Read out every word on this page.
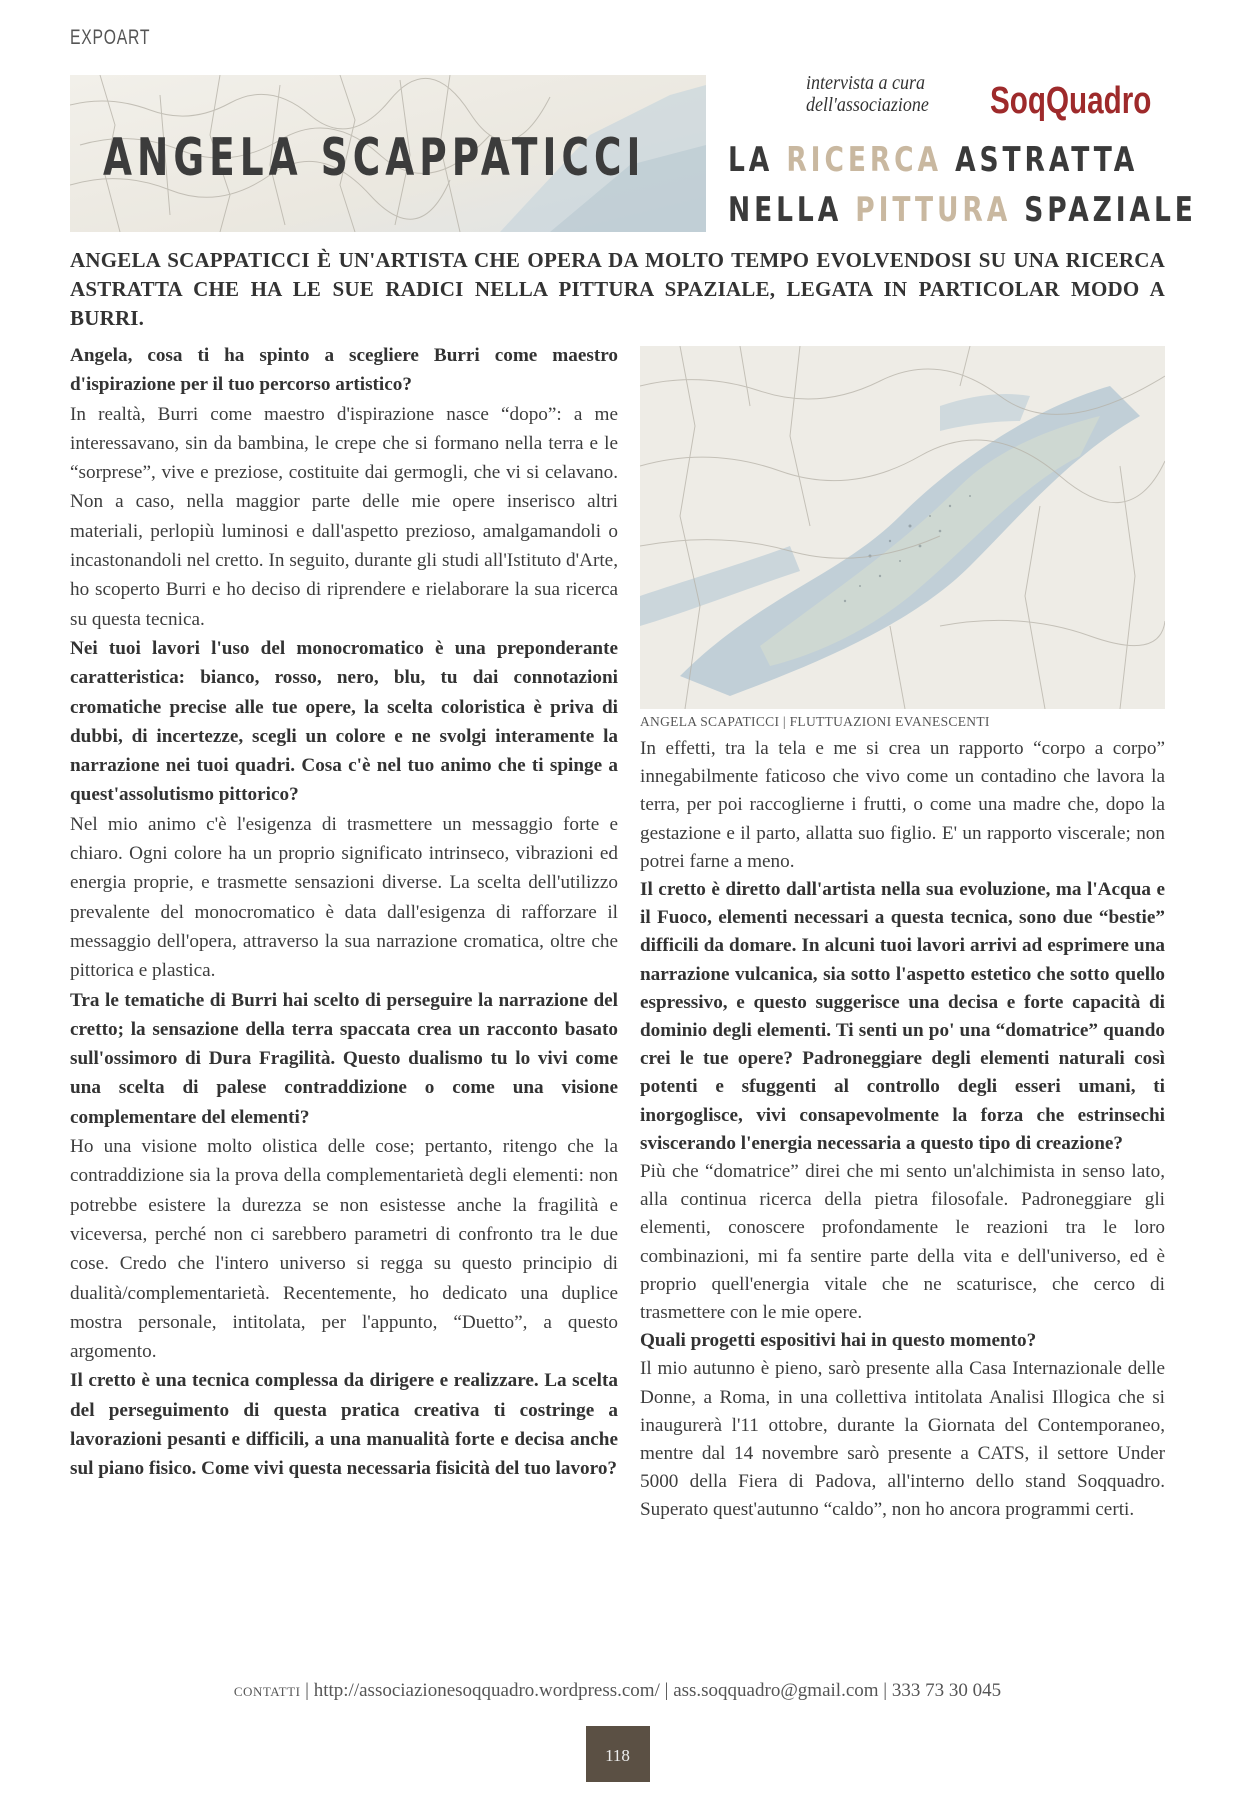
EXPOART
ANGELA SCAPPATICCI
intervista a cura
dell'associazione SoqQuadro
LA RICERCA ASTRATTA
NELLA PITTURA SPAZIALE
ANGELA SCAPPATICCI È UN'ARTISTA CHE OPERA DA MOLTO TEMPO EVOLVENDOSI SU UNA RICERCA ASTRATTA CHE HA LE SUE RADICI NELLA PITTURA SPAZIALE, LEGATA IN PARTICOLAR MODO A BURRI.

Angela, cosa ti ha spinto a scegliere Burri come maestro d'ispirazione per il tuo percorso artistico?

In realtà, Burri come maestro d'ispirazione nasce “dopo”: a me interessavano, sin da bambina, le crepe che si formano nella terra e le “sorprese”, vive e preziose, costituite dai germogli, che vi si celavano. Non a caso, nella maggior parte delle mie opere inserisco altri materiali, perlopiù luminosi e dall'aspetto prezioso, amalgamandoli o incastonandoli nel cretto. In seguito, durante gli studi all'Istituto d'Arte, ho scoperto Burri e ho deciso di riprendere e rielaborare la sua ricerca su questa tecnica.

Nei tuoi lavori l'uso del monocromatico è una preponderante caratteristica: bianco, rosso, nero, blu, tu dai connotazioni cromatiche precise alle tue opere, la scelta coloristica è priva di dubbi, di incertezze, scegli un colore e ne svolgi interamente la narrazione nei tuoi quadri. Cosa c'è nel tuo animo che ti spinge a quest'assolutismo pittorico?

Nel mio animo c'è l'esigenza di trasmettere un messaggio forte e chiaro. Ogni colore ha un proprio significato intrinseco, vibrazioni ed energia proprie, e trasmette sensazioni diverse. La scelta dell'utilizzo prevalente del monocromatico è data dall'esigenza di rafforzare il messaggio dell'opera, attraverso la sua narrazione cromatica, oltre che pittorica e plastica.

Tra le tematiche di Burri hai scelto di perseguire la narrazione del cretto; la sensazione della terra spaccata crea un racconto basato sull'ossimoro di Dura Fragilità. Questo dualismo tu lo vivi come una scelta di palese contraddizione o come una visione complementare del elementi?

Ho una visione molto olistica delle cose; pertanto, ritengo che la contraddizione sia la prova della complementarietà degli elementi: non potrebbe esistere la durezza se non esistesse anche la fragilità e viceversa, perché non ci sarebbero parametri di confronto tra le due cose. Credo che l'intero universo si regga su questo principio di dualità/complementarietà. Recentemente, ho dedicato una duplice mostra personale, intitolata, per l'appunto, “Duetto”, a questo argomento.

Il cretto è una tecnica complessa da dirigere e realizzare. La scelta del perseguimento di questa pratica creativa ti costringe a lavorazioni pesanti e difficili, a una manualità forte e decisa anche sul piano fisico. Come vivi questa necessaria fisicità del tuo lavoro?

ANGELA SCAPATICCI | FLUTTUAZIONI EVANESCENTI

In effetti, tra la tela e me si crea un rapporto “corpo a corpo” innegabilmente faticoso che vivo come un contadino che lavora la terra, per poi raccoglierne i frutti, o come una madre che, dopo la gestazione e il parto, allatta suo figlio. E' un rapporto viscerale; non potrei farne a meno.

Il cretto è diretto dall'artista nella sua evoluzione, ma l'Acqua e il Fuoco, elementi necessari a questa tecnica, sono due “bestie” difficili da domare. In alcuni tuoi lavori arrivi ad esprimere una narrazione vulcanica, sia sotto l'aspetto estetico che sotto quello espressivo, e questo suggerisce una decisa e forte capacità di dominio degli elementi. Ti senti un po' una “domatrice” quando crei le tue opere? Padroneggiare degli elementi naturali così potenti e sfuggenti al controllo degli esseri umani, ti inorgoglisce, vivi consapevolmente la forza che estrinsechi sviscerando l'energia necessaria a questo tipo di creazione?

Più che “domatrice” direi che mi sento un'alchimista in senso lato, alla continua ricerca della pietra filosofale. Padroneggiare gli elementi, conoscere profondamente le reazioni tra le loro combinazioni, mi fa sentire parte della vita e dell'universo, ed è proprio quell'energia vitale che ne scaturisce, che cerco di trasmettere con le mie opere.

Quali progetti espositivi hai in questo momento?

Il mio autunno è pieno, sarò presente alla Casa Internazionale delle Donne, a Roma, in una collettiva intitolata Analisi Illogica che si inaugurerà l'11 ottobre, durante la Giornata del Contemporaneo, mentre dal 14 novembre sarò presente a CATS, il settore Under 5000 della Fiera di Padova, all'interno dello stand Soqquadro. Superato quest'autunno “caldo”, non ho ancora programmi certi.

CONTATTI | http://associazionesoqquadro.wordpress.com/ | ass.soqquadro@gmail.com | 333 73 30 045
118
